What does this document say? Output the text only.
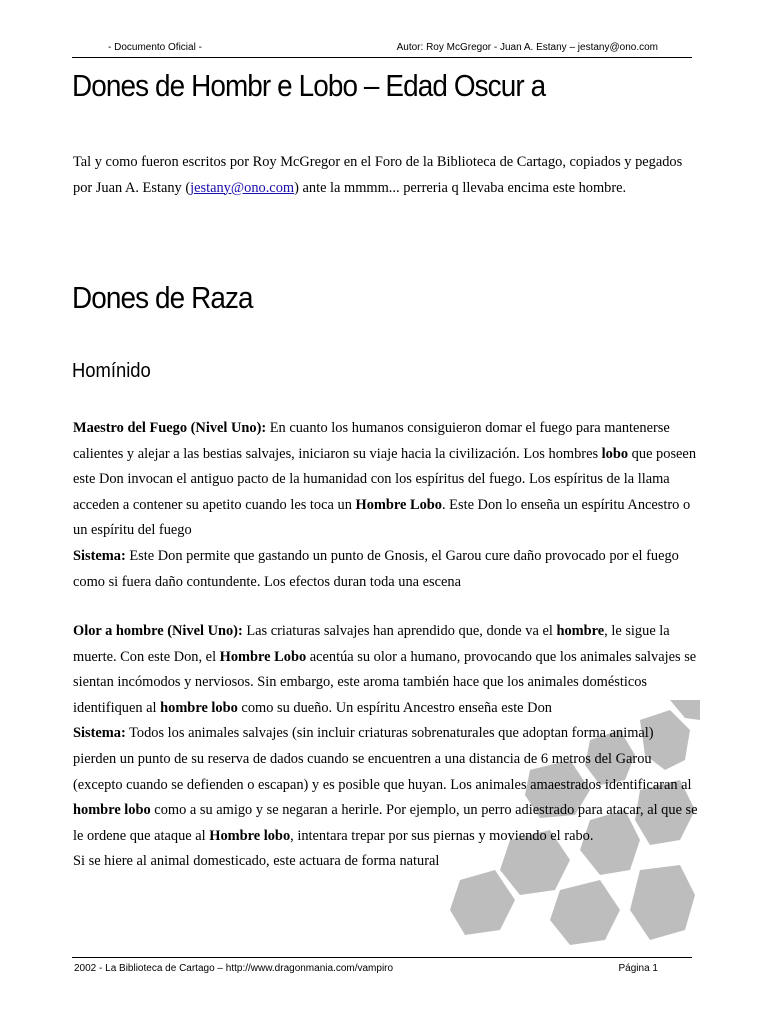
- Documento Oficial -	Autor: Roy McGregor - Juan A. Estany – jestany@ono.com
Dones de Hombr e Lobo – Edad Oscur a

Tal y como fueron escritos por Roy McGregor en el Foro de la Biblioteca de Cartago, copiados y pegados por Juan A. Estany (jestany@ono.com) ante la mmmm... perreria q llevaba encima este hombre.

Dones de Raza
Homínido

Maestro del Fuego (Nivel Uno): En cuanto los humanos consiguieron domar el fuego para mantenerse calientes y alejar a las bestias salvajes, iniciaron su viaje hacia la civilización. Los hombres lobo que poseen este Don invocan el antiguo pacto de la humanidad con los espíritus del fuego. Los espíritus de la llama acceden a contener su apetito cuando les toca un Hombre Lobo. Este Don lo enseña un espíritu Ancestro o un espíritu del fuego
Sistema: Este Don permite que gastando un punto de Gnosis, el Garou cure daño provocado por el fuego como si fuera daño contundente. Los efectos duran toda una escena

Olor a hombre (Nivel Uno): Las criaturas salvajes han aprendido que, donde va el hombre, le sigue la muerte. Con este Don, el Hombre Lobo acentúa su olor a humano, provocando que los animales salvajes se sientan incómodos y nerviosos. Sin embargo, este aroma también hace que los animales domésticos identifiquen al hombre lobo como su dueño. Un espíritu Ancestro enseña este Don
Sistema: Todos los animales salvajes (sin incluir criaturas sobrenaturales que adoptan forma animal) pierden un punto de su reserva de dados cuando se encuentren a una distancia de 6 metros del Garou (excepto cuando se defienden o escapan) y es posible que huyan. Los animales amaestrados identificaran al hombre lobo como a su amigo y se negaran a herirle. Por ejemplo, un perro adiestrado para atacar, al que se le ordene que ataque al Hombre lobo, intentara trepar por sus piernas y moviendo el rabo.
Si se hiere al animal domesticado, este actuara de forma natural

2002 - La Biblioteca de Cartago – http://www.dragonmania.com/vampiro	Página 1
